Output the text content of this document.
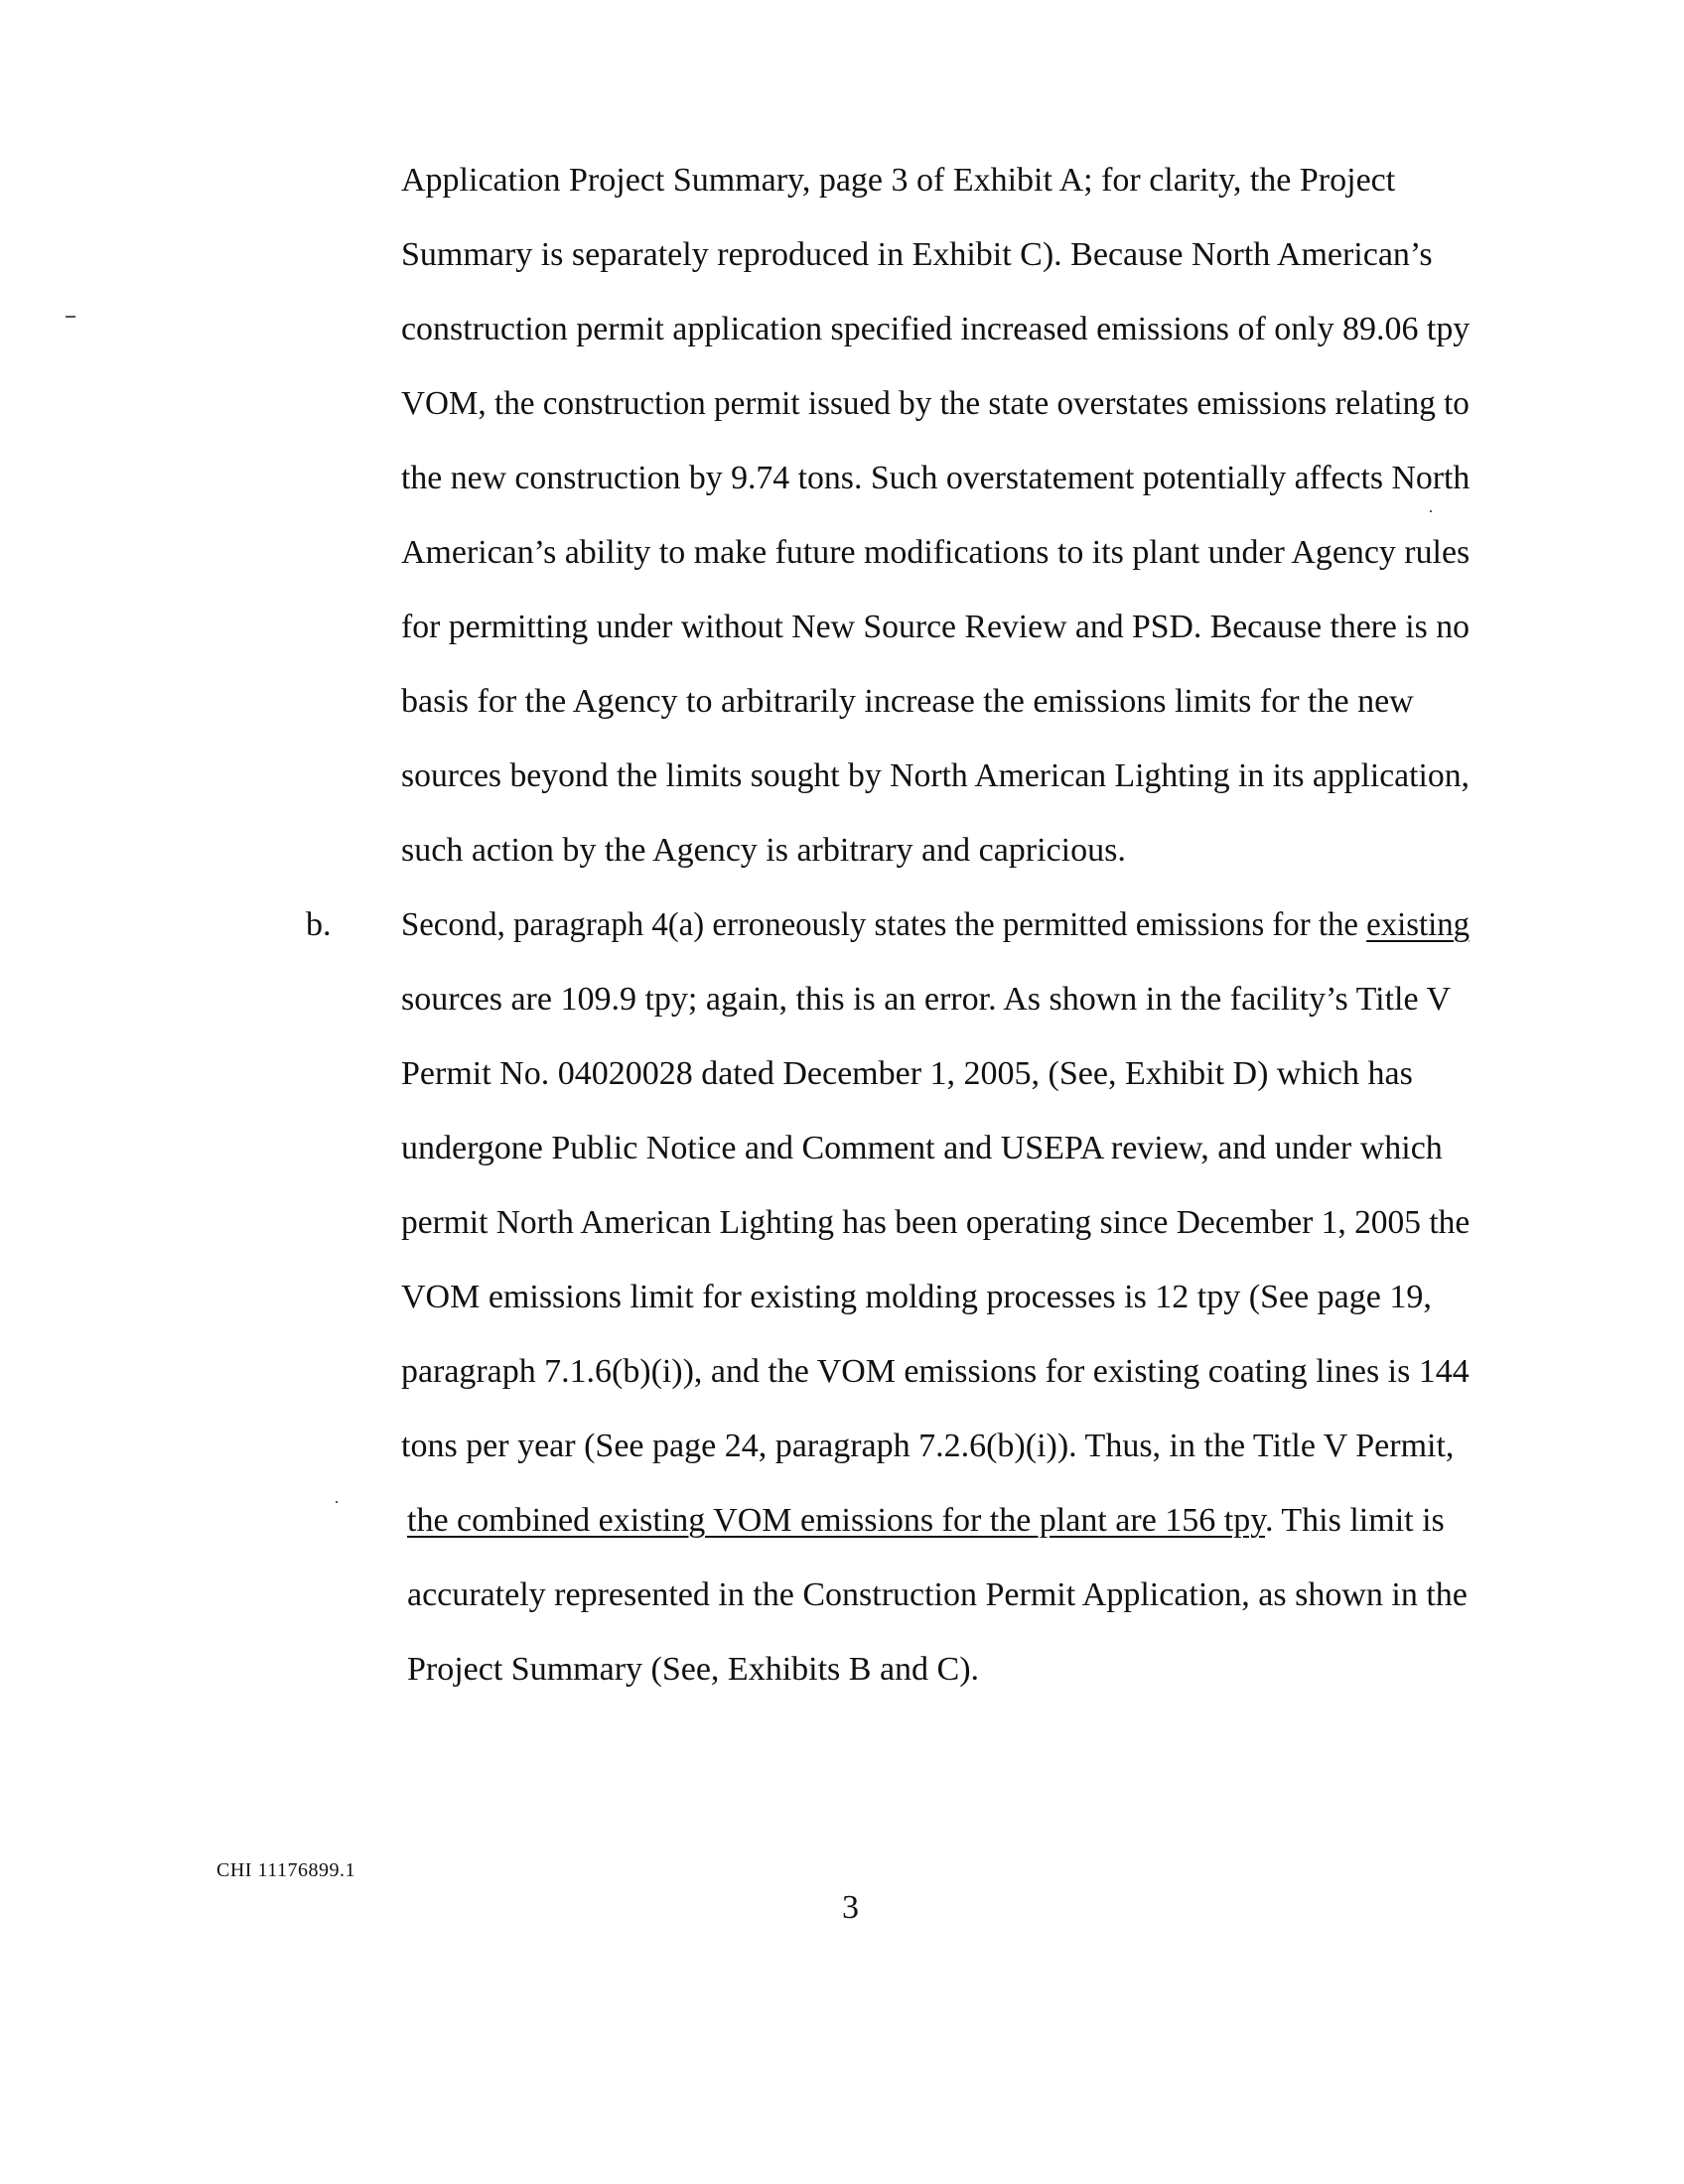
Application Project Summary, page 3 of Exhibit A; for clarity, the Project
Summary is separately reproduced in Exhibit C). Because North American’s
construction permit application specified increased emissions of only 89.06 tpy
VOM, the construction permit issued by the state overstates emissions relating to
the new construction by 9.74 tons. Such overstatement potentially affects North
American’s ability to make future modifications to its plant under Agency rules
for permitting under without New Source Review and PSD. Because there is no
basis for the Agency to arbitrarily increase the emissions limits for the new
sources beyond the limits sought by North American Lighting in its application,
such action by the Agency is arbitrary and capricious.
b. Second, paragraph 4(a) erroneously states the permitted emissions for the existing
sources are 109.9 tpy; again, this is an error. As shown in the facility’s Title V
Permit No. 04020028 dated December 1, 2005, (See, Exhibit D) which has
undergone Public Notice and Comment and USEPA review, and under which
permit North American Lighting has been operating since December 1, 2005 the
VOM emissions limit for existing molding processes is 12 tpy (See page 19,
paragraph 7.1.6(b)(i)), and the VOM emissions for existing coating lines is 144
tons per year (See page 24, paragraph 7.2.6(b)(i)). Thus, in the Title V Permit,
the combined existing VOM emissions for the plant are 156 tpy. This limit is
accurately represented in the Construction Permit Application, as shown in the
Project Summary (See, Exhibits B and C).
CHI 11176899.1
3
